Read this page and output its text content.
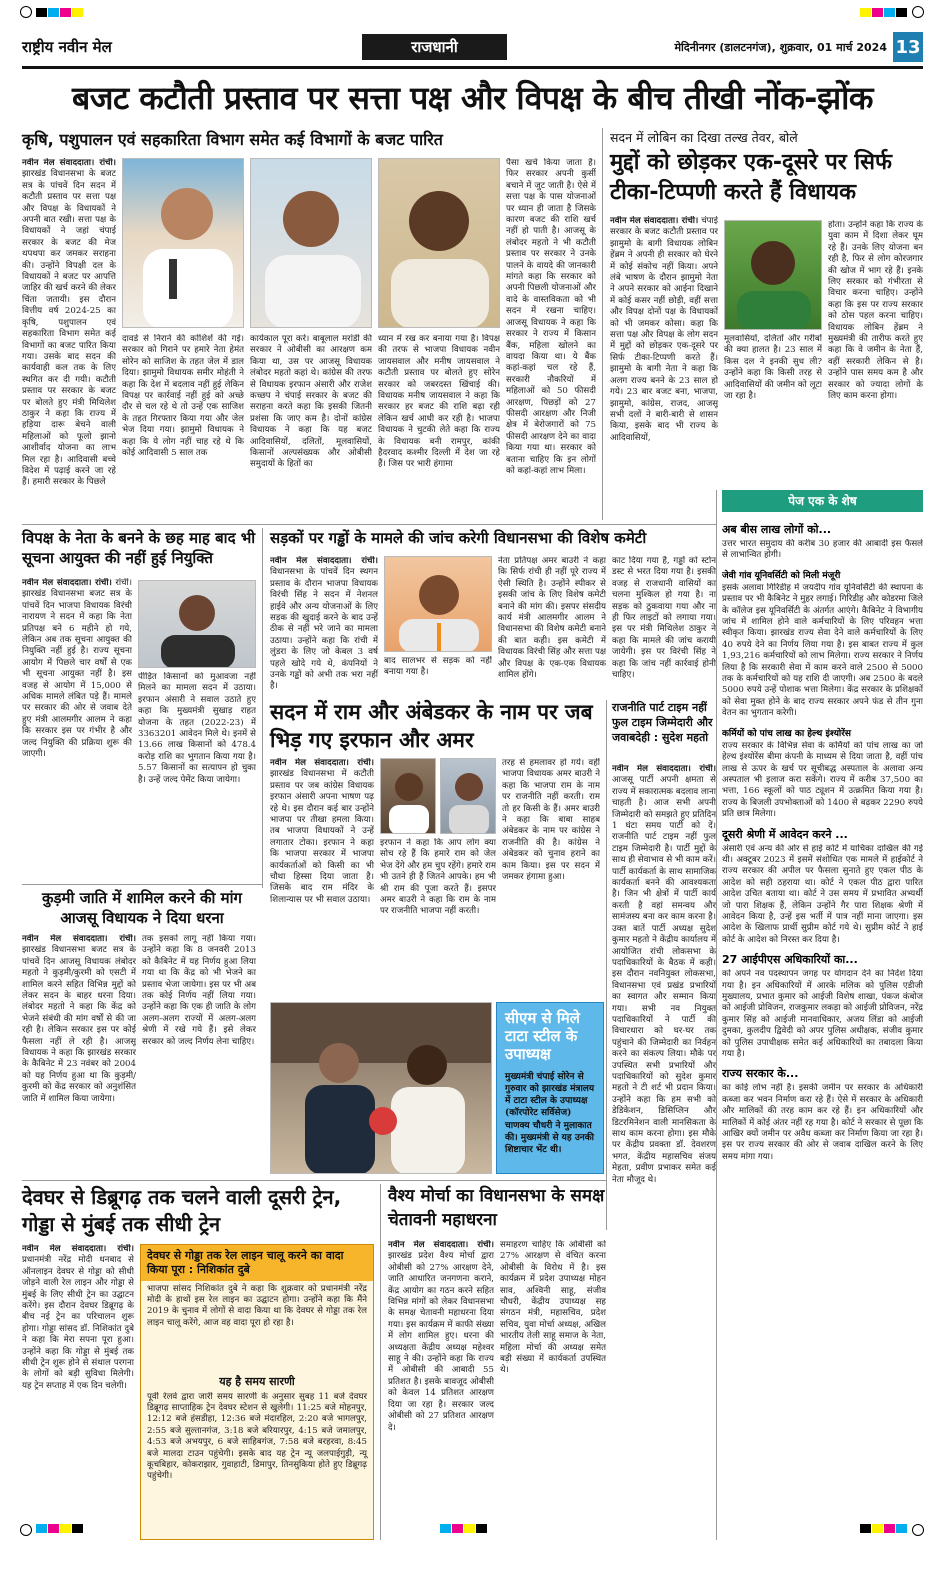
राष्ट्रीय नवीन मेल	राजधानी	मेदिनीनगर (डालटनगंज), शुक्रवार, 01 मार्च 2024 13
बजट कटौती प्रस्ताव पर सत्ता पक्ष और विपक्ष के बीच तीखी नोंक-झोंक
कृषि, पशुपालन एवं सहकारिता विभाग समेत कई विभागों के बजट पारित
नवीन मेल संवाददाता। रांची। झारखंड विधानसभा के बजट सत्र के पांचवें दिन सदन में कटौती प्रस्ताव पर सत्ता पक्ष और विपक्ष के विधायकों ने अपनी बात रखी। सत्ता पक्ष के विधायकों ने जहां चंपाई सरकार के बजट की मेज थपथपा कर जमकर सराहना की। उन्होंने विपक्षी दल के विधायकों ने बजट पर आपत्ति जाहिर की खर्च करने की लेकर चिंता जतायी। इस दौरान वित्तीय वर्ष 2024-25 का कृषि, पशुपालन एवं सहकारिता विभाग समेत कई विभागों का बजट पारित किया गया। उसके बाद सदन की कार्यवाही कल तक के लिए स्थगित कर दी गयी। कटौती प्रस्ताव पर सरकार के बजट पर बोलते हुए मंत्री मिथिलेश ठाकुर ने कहा कि राज्य में हड़िया दारू बेचने वाली महिलाओं को फूलो झानो आशीर्वाद योजना का लाभ मिल रहा है। आदिवासी बच्चे विदेश में पढ़ाई करने जा रहे हैं। हमारी सरकार के पिछले
दावडे से निराने की कोशिशें की गई। सरकार को गिराने पर हमारे नेता हेमंत सोरेन को साजिश के तहत जेल में डाल दिया। झामुमो विधायक समीर मोहंती ने कहा कि देश में बदलाव नहीं हुई लेकिन विपक्ष पर कार्रवाई नहीं हुई को अच्छे दौर से चल रहे थे तो उन्हें एक साजिश के तहत गिरफ्तार किया गया और जेल भेज दिया गया। झामुमो विधायक ने कहा कि ये लोग नहीं चाह रहे थे कि कोई आदिवासी 5 साल तक
कार्यकाल पूरा करे। बाबूलाल मरांडी की सरकार ने ओबीसी का आरक्षण कम किया था, उस पर आजसू विधायक लंबोदर महतो कहां थे। कांग्रेस की तरफ से विधायक इरफान अंसारी और राजेश कच्छप ने चंपाई सरकार के बजट की सराहना करते कहा कि इसकी जितनी प्रशंसा कि जाए कम है। दोनों कांग्रेस विधायक ने कहा कि यह बजट आदिवासियों, दलितों, मूलवासियों, किसानों अल्पसंख्यक और ओबीसी समुदायों के हितों का
ध्यान में रख कर बनाया गया है। विपक्ष की तरफ से भाजपा विधायक नवीन जायसवाल और मनीष जायसवाल ने कटौती प्रस्ताव पर बोलते हुए सोरेन सरकार को जबरदस्त खिंचाई की। विधायक मनीष जायसवाल ने कहा कि सरकार हर बजट की राशि बढ़ा रही लेकिन खर्च आधी कर रही है। भाजपा विधायक ने चुटकी लेते कहा कि राज्य के विधायक बनी रामपुर, कांकी हैदरवाद कश्मीर दिल्ली में देश जा रहे हैं। जिस पर भारी हंगामा
पैसा खर्च किया जाता है। फिर सरकार अपनी कुर्सी बचाने में जुट जाती है। ऐसे में सत्ता पक्ष के पास योजनाओं पर ध्यान ही जाता है जिसके कारण बजट की राशि खर्च नहीं हो पाती है। आजसू के लंबोदर महतो ने भी कटौती प्रस्ताव पर सरकार ने उनके पालने के वायदे की जानकारी मांगते कहा कि सरकार को अपनी पिछली योजनाओं और वादे के वास्तविकता को भी सदन में रखना चाहिए। आजसू विधायक ने कहा कि सरकार ने राज्य में किसान बैंक, महिला खोलने का वायदा किया था। ये बैंक कहां-कहां चल रहे हैं, सरकारी नौकरियों में महिलाओं को 50 फीसदी आरक्षण, पिछड़ों को 27 फीसदी आरक्षण और निजी क्षेत्र में बेरोजगारों को 75 फीसदी आरक्षण देने का वादा किया गया था। सरकार को बताना चाहिए कि इन लोगों को कहां-कहां लाभ मिला।
सदन में लोबिन का दिखा तल्ख तेवर, बोले
मुद्दों को छोड़कर एक-दूसरे पर सिर्फ टीका-टिप्पणी करते हैं विधायक
नवीन मेल संवाददाता। रांची। चंपाई सरकार के बजट कटौती प्रस्ताव पर झामुमो के बागी विधायक लोबिन हेंब्रम ने अपनी ही सरकार को घेरने में कोई संकोच नहीं किया। अपने लंबे भाषण के दौरान झामुमो नेता ने अपने सरकार को आईना दिखाने में कोई कसर नहीं छोड़ी, वहीं सत्ता और विपक्ष दोनों पक्ष के विधायकों को भी जमकर कोसा। कहा कि सत्ता पक्ष और विपक्ष के लोग सदन में मुद्दों को छोड़कर एक-दूसरे पर सिर्फ टीका-टिप्पणी करते हैं। झामुमो के बागी नेता ने कहा कि अलग राज्य बनने के 23 साल हो गये। 23 बार बजट बना, भाजपा, झामुमो, कांग्रेस, राजद, आजसू सभी दलों ने बारी-बारी से शासन किया, इसके बाद भी राज्य के आदिवासियों,
मूलवासियों, दलितों और गरीबों की क्या हालत है। 23 साल में किस दल ने इनकी सुध ली? उन्होंने कहा कि किसी तरह से आदिवासियों की जमीन को लूटा जा रहा है।
होता। उन्होंने कहा कि राज्य के युवा काम में दिशा लेकर घूम रहे हैं। उनके लिए योजना बन रही है, फिर से लोग कोरजगार की खोज में भाग रहे हैं। इनके लिए सरकार को गंभीरता से विचार करना चाहिए। उन्होंने कहा कि इस पर राज्य सरकार को ठोस पहल करना चाहिए। विधायक लोबिन हेंब्रम ने मुख्यमंत्री की तारीफ करते हुए कहा कि वे जमीन के नेता हैं, वहीं सरकारी लेकिन से है। उन्होंने पास समय कम है और सरकार को ज्यादा लोगों के लिए काम करना होगा।
पेज एक के शेष
अब बीस लाख लोगों को...
उत्तर भारत समुदाय की करीब 30 हजार की आबादी इस फैसले से लाभान्वित होगी।
जेवी गांव यूनिवर्सिटी को मिली मंजूरी
इसके अलावा गिरिडीह में जयदीप गांव यूनिवर्सिटी की स्थापना के प्रस्ताव पर भी कैबिनेट ने मुहर लगाई। गिरिडीह और कोडरमा जिले के कॉलेज इस यूनिवर्सिटी के अंतर्गत आएंगे। कैबिनेट ने विभागीय जांच में शामिल होने वाले कर्मचारियों के लिए परिवहन भत्ता स्वीकृत किया। झारखंड राज्य सेवा देने वाले कर्मचारियों के लिए 40 रुपये देने का निर्णय लिया गया है। इस बाबत राज्य में कुल 1,93,216 कर्मचारियों को लाभ मिलेगा। राज्य सरकार ने निर्णय लिया है कि सरकारी सेवा में काम करने वाले 2500 से 5000 तक के कर्मचारियों को यह राशि दी जाएगी। अब 2500 के बदले 5000 रुपये उन्हें पोशाक भत्ता मिलेगा। केंद्र सरकार के प्रशिक्षकों को सेवा मुक्त होने के बाद राज्य सरकार अपने फंड से तीन गुना वेतन का भुगतान करेगी।
कर्मियों को पांच लाख का हेल्थ इंश्योरेंस
राज्य सरकार के विभिन्न सेवा के कर्मियों को पांच लाख का जो हेल्थ इंश्योरेंस बीमा कंपनी के माध्यम से दिया जाता है, वहीं पांच लाख से ऊपर के खर्च पर सूचीबद्ध अस्पताल के अलावा अन्य अस्पताल भी इलाज करा सकेंगे। राज्य में करीब 37,500 का भत्ता, 166 स्कूलों को पाठ ट्यूशन में उत्क्रमित किया गया है। राज्य के बिजली उपभोक्ताओं को 1400 से बढ़कर 2290 रुपये प्रति छात्र मिलेगा।
दूसरी श्रेणी में आवेदन करने ...
अंसारी एवं अन्य की ओर से हाई कोर्ट में याचिका दाखिल की गई थी। अक्टूबर 2023 में इसमें संशोधित एक मामले में हाईकोर्ट ने राज्य सरकार की अपील पर फैसला सुनाते हुए एकल पीठ के आदेश को सही ठहराया था। कोर्ट ने एकल पीठ द्वारा पारित आदेश उचित बताया था। कोर्ट ने उस समय में प्रभावित अभ्यर्थी जो पारा शिक्षक हैं, लेकिन उन्होंने गैर पारा शिक्षक श्रेणी में आवेदन किया है, उन्हें इस भर्ती में पात्र नहीं माना जाएगा। इस आदेश के खिलाफ प्रार्थी सुप्रीम कोर्ट गये थे। सुप्रीम कोर्ट ने हाई कोर्ट के आदेश को निरस्त कर दिया है।
27 आईपीएस अधिकारियों का...
को अपने नव पदस्थापन जगह पर योगदान देने का निर्देश दिया गया है। इन अधिकारियों में आरके मलिक को पुलिस एडीजी मुख्यालय, प्रभात कुमार को आईजी विशेष शाखा, पंकज कंबोज को आईजी प्रोविजन, राजकुमार लकड़ा को आईजी प्रोविजन, नरेंद्र कुमार सिंह को आईजी मानवाधिकार, अजय लिंडा को आईजी दुमका, कुलदीप द्विवेदी को अपर पुलिस अधीक्षक, संजीव कुमार को पुलिस उपाधीक्षक समेत कई अधिकारियों का तबादला किया गया है।
राज्य सरकार के...
का कोई लोभ नहीं है। इसकी जमीन पर सरकार के अधिकारी कब्जा कर भवन निर्माण करा रहे हैं। ऐसे में सरकार के अधिकारी और मालिकों की तरह काम कर रहे हैं। इन अधिकारियों और मालिकों में कोई अंतर नहीं रह गया है। कोर्ट ने सरकार से पूछा कि आखिर क्यों जमीन पर अवैध कब्जा कर निर्माण किया जा रहा है। इस पर राज्य सरकार की ओर से जवाब दाखिल करने के लिए समय मांगा गया।
विपक्ष के नेता के बनने के छह माह बाद भी सूचना आयुक्त की नहीं हुई नियुक्ति
नवीन मेल संवाददाता। रांची। रांची। झारखंड विधानसभा बजट सत्र के पांचवें दिन भाजपा विधायक विरंची नारायण ने सदन में कहा कि नेता प्रतिपक्ष बने 6 महीने हो गये, लेकिन अब तक सूचना आयुक्त की नियुक्ति नहीं हुई है। राज्य सूचना आयोग में पिछले चार वर्षों से एक भी सूचना आयुक्त नहीं है। इस वजह से आयोग में 15,000 से अधिक मामले लंबित पड़े हैं। मामले पर सरकार की ओर से जवाब देते हुए मंत्री आलमगीर आलम ने कहा कि सरकार इस पर गंभीर है और जल्द नियुक्ति की प्रक्रिया शुरू की जाएगी।
पीड़ित किसानों को मुआवजा नहीं मिलने का मामला सदन में उठाया। इरफान अंसारी ने सवाल उठाते हुए कहा कि मुख्यमंत्री सुखाड़ राहत योजना के तहत (2022-23) में 3363201 आवेदन मिले थे। इनमें से 13.66 लाख किसानों को 478.4 करोड़ राशि का भुगतान किया गया है। 5.57 किसानों का सत्यापन हो चुका है। उन्हें जल्द पेमेंट किया जायेगा।
सड़कों पर गड्ढों के मामले की जांच करेगी विधानसभा की विशेष कमेटी
नवीन मेल संवाददाता। रांची। विधानसभा के पांचवें दिन स्थगन प्रस्ताव के दौरान भाजपा विधायक विरंची सिंह ने सदन में नेशनल हाईवे और अन्य योजनाओं के लिए सड़क की खुदाई करने के बाद उन्हें ठीक से नहीं भरे जाने का मामला उठाया। उन्होंने कहा कि रांची में लुंडरा के लिए जो केबल 3 वर्ष पहले खोदे गये थे, कंपनियों ने उनके गड्ढों को अभी तक भरा नहीं है।
बाद सालभर से सड़क को नहीं बनाया गया है।
नेता प्रतिपक्ष अमर बाउरी ने कहा कि सिर्फ रांची ही नहीं पूरे राज्य में ऐसी स्थिति है। उन्होंने स्पीकर से इसकी जांच के लिए विशेष कमेटी बनाने की मांग की। इसपर संसदीय कार्य मंत्री आलमगीर आलम ने विधानसभा की विशेष कमेटी बनाने की बात कही। इस कमेटी में विधायक विरंची सिंह और सत्ता पक्ष और विपक्ष के एक-एक विधायक शामिल होंगे।
काट दिया गया है, गड्ढों को स्टोन डस्ट से भरत दिया गया है। इसकी वजह से राजधानी वासियों का चलना मुश्किल हो गया है। ना सड़क को ठुकवाया गया और ना ही फिर लाइटों को लगाया गया। इस पर मंत्री मिथिलेश ठाकुर ने कहा कि मामले की जांच करायी जायेगी। इस पर विरंची सिंह ने कहा कि जांच नहीं कार्रवाई होनी चाहिए।
सदन में राम और अंबेडकर के नाम पर जब भिड़ गए इरफान और अमर
नवीन मेल संवाददाता। रांची। झारखंड विधानसभा में कटौती प्रस्ताव पर जब कांग्रेस विधायक इरफान अंसारी अपना भाषण पढ़ रहे थे। इस दौरान कई बार उन्होंने भाजपा पर तीखा हमला किया। तब भाजपा विधायकों ने उन्हें लगातार टोका। इरफान ने कहा कि भाजपा सरकार में भाजपा कार्यकर्ताओं को किसी का भी चौथा हिस्सा दिया जाता है। जिसके बाद राम मंदिर के शिलान्यास पर भी सवाल उठाया।
इरफान ने कहा कि आप लोग क्या सोच रहे हैं कि हमारे राम को जेल भेज देंगे और हम चुप रहेंगे। हमारे राम भी उतने ही हैं जितने आपके। हम भी श्री राम की पूजा करते हैं। इसपर अमर बाउरी ने कहा कि राम के नाम पर राजनीति भाजपा नहीं करती।
तरह से हमलावर हो गये। वहीं भाजपा विधायक अमर बाउरी ने कहा कि भाजपा राम के नाम पर राजनीति नहीं करती। राम तो हर किसी के हैं। अमर बाउरी ने कहा कि बाबा साहब अंबेडकर के नाम पर कांग्रेस ने राजनीति की है। कांग्रेस ने अंबेडकर को चुनाव हराने का काम किया। इस पर सदन में जमकर हंगामा हुआ।
राजनीति पार्ट टाइम नहीं फुल टाइम जिम्मेदारी और जवाबदेही : सुदेश महतो
नवीन मेल संवाददाता। रांची। आजसू पार्टी अपनी क्षमता से राज्य में सकारात्मक बदलाव लाना चाहती है। आज सभी अपनी जिम्मेदारी को समझते हुए प्रतिदिन 1 घंटा समय पार्टी को दें। राजनीति पार्ट टाइम नहीं फुल टाइम जिम्मेदारी है। पार्टी मुद्दों के साथ ही सेवाभाव से भी काम करें। पार्टी कार्यकर्ता के साथ सामाजिक कार्यकर्ता बनने की आवश्यकता है। जिन भी क्षेत्रों में पार्टी कार्य करती है वहां समन्वय और सामंजस्य बना कर काम करना है। उक्त बातें पार्टी अध्यक्ष सुदेश कुमार महतो ने केंद्रीय कार्यालय में आयोजित रांची लोकसभा के पदाधिकारियों के बैठक में कही। इस दौरान नवनियुक्त लोकसभा, विधानसभा एवं प्रखंड प्रभारियों का स्वागत और सम्मान किया गया। सभी नव नियुक्त पदाधिकारियों ने पार्टी की विचारधारा को घर-घर तक पहुंचाने की जिम्मेदारी का निर्वहन करने का संकल्प लिया। मौके पर उपस्थित सभी प्रभारियों और पदाधिकारियों को सुदेश कुमार महतो ने टी शर्ट भी प्रदान किया। उन्होंने कहा कि हम सभी को डेडिकेशन, डिसिप्लिन और डिटरमिनेशन वाली मानसिकता के साथ काम करना होगा। इस मौके पर केंद्रीय प्रवक्ता डॉ. देवशरण भगत, केंद्रीय महासचिव संजय मेहता, प्रवीण प्रभाकर समेत कई नेता मौजूद थे।
कुड़मी जाति में शामिल करने की मांग आजसू विधायक ने दिया धरना
नवीन मेल संवाददाता। रांची। झारखंड विधानसभा बजट सत्र के पांचवें दिन आजसू विधायक लंबोदर महतो ने कुड़मी/कुरमी को एसटी में शामिल करने सहित विभिन्न मुद्दों को लेकर सदन के बाहर धरना दिया। लंबोदर महतो ने कहा कि केंद्र को भेजने संबंधी की मांग वर्षों से की जा रही है। लेकिन सरकार इस पर कोई फैसला नहीं ले रही है। आजसू विधायक ने कहा कि झारखंड सरकार के कैबिनेट में 23 नवंबर को 2004 को यह निर्णय हुआ था कि कुड़मी/कुरमी को केंद्र सरकार को अनुशंसित जाति में शामिल किया जायेगा।
तक इसको लागू नहीं किया गया। उन्होंने कहा कि 8 जनवरी 2013 को कैबिनेट में यह निर्णय हुआ लिया गया था कि केंद्र को भी भेजने का प्रस्ताव भेजा जायेगा। इस पर भी अब तक कोई निर्णय नहीं लिया गया। उन्होंने कहा कि एक ही जाति के लोग अलग-अलग राज्यों में अलग-अलग श्रेणी में रखे गये हैं। इसे लेकर सरकार को जल्द निर्णय लेना चाहिए।
सीएम से मिले टाटा स्टील के उपाध्यक्ष
मुख्यमंत्री चंपाई सोरेन से गुरुवार को झारखंड मंत्रालय में टाटा स्टील के उपाध्यक्ष (कॉरपोरेट सर्विसेज) चाणक्य चौधरी ने मुलाकात की। मुख्यमंत्री से यह उनकी शिष्टाचार भेंट थी।
देवघर से डिब्रूगढ़ तक चलने वाली दूसरी ट्रेन, गोड्डा से मुंबई तक सीधी ट्रेन
नवीन मेल संवाददाता। रांची। प्रधानमंत्री नरेंद्र मोदी धनबाद से ऑनलाइन देवघर से गोड्डा को सीधी जोड़ने वाली रेल लाइन और गोड्डा से मुंबई के लिए सीधी ट्रेन का उद्घाटन करेंगे। इस दौरान देवघर डिब्रूगढ़ के बीच नई ट्रेन का परिचालन शुरू होगा। गोड्डा सांसद डॉ. निशिकांत दुबे ने कहा कि मेरा सपना पूरा हुआ। उन्होंने कहा कि गोड्डा से मुंबई तक सीधी ट्रेन शुरू होने से संथाल परगना के लोगों को बड़ी सुविधा मिलेगी। यह ट्रेन सप्ताह में एक दिन चलेगी।
देवघर से गोड्डा तक रेल लाइन चालू करने का वादा किया पूरा : निशिकांत दुबे
भाजपा सांसद निशिकांत दुबे ने कहा कि शुक्रवार को प्रधानमंत्री नरेंद्र मोदी के हाथों इस रेल लाइन का उद्घाटन होगा। उन्होंने कहा कि मैंने 2019 के चुनाव में लोगों से वादा किया था कि देवघर से गोड्डा तक रेल लाइन चालू करेंगे, आज वह वादा पूरा हो रहा है।
यह है समय सारणी
पूर्वी रेलवे द्वारा जारी समय सारणी के अनुसार सुबह 11 बजे देवघर डिब्रूगढ़ साप्ताहिक ट्रेन देवघर स्टेशन से खुलेगी। 11:25 बजे मोहनपुर, 12:12 बजे हंसडीहा, 12:36 बजे मंदारहिल, 2:20 बजे भागलपुर, 2:55 बजे सुल्तानगंज, 3:18 बजे बरियारपुर, 4:15 बजे जमालपुर, 4:53 बजे अभयपुर, 6 बजे साहिबगंज, 7:58 बजे बरहरवा, 8:45 बजे मालदा टाउन पहुंचेगी। इसके बाद यह ट्रेन न्यू जलपाईगुड़ी, न्यू कूचबिहार, कोकराझार, गुवाहाटी, डिमापुर, तिनसुकिया होते हुए डिब्रूगढ़ पहुंचेगी।
वैश्य मोर्चा का विधानसभा के समक्ष चेतावनी महाधरना
नवीन मेल संवाददाता। रांची। झारखंड प्रदेश वैश्य मोर्चा द्वारा ओबीसी को 27% आरक्षण देने, जाति आधारित जनगणना कराने, केंद्र आयोग का गठन करने सहित विभिन्न मांगों को लेकर विधानसभा के समक्ष चेतावनी महाधरना दिया गया। इस कार्यक्रम में काफी संख्या में लोग शामिल हुए। धरना की अध्यक्षता केंद्रीय अध्यक्ष महेश्वर साहू ने की। उन्होंने कहा कि राज्य में ओबीसी की आबादी 55 प्रतिशत है। इसके बावजूद ओबीसी को केवल 14 प्रतिशत आरक्षण दिया जा रहा है। सरकार जल्द ओबीसी को 27 प्रतिशत आरक्षण दे।
समाहरण चाहिए कि ओबीसी को 27% आरक्षण से वंचित करना ओबीसी के विरोध में है। इस कार्यक्रम में प्रदेश उपाध्यक्ष मोहन साव, अश्विनी साहू, संजीव चौधरी, केंद्रीय उपाध्यक्ष सह संगठन मंत्री, महासचिव, प्रदेश सचिव, युवा मोर्चा अध्यक्ष, अखिल भारतीय तेली साहू समाज के नेता, महिला मोर्चा की अध्यक्ष समेत बड़ी संख्या में कार्यकर्ता उपस्थित थे।
